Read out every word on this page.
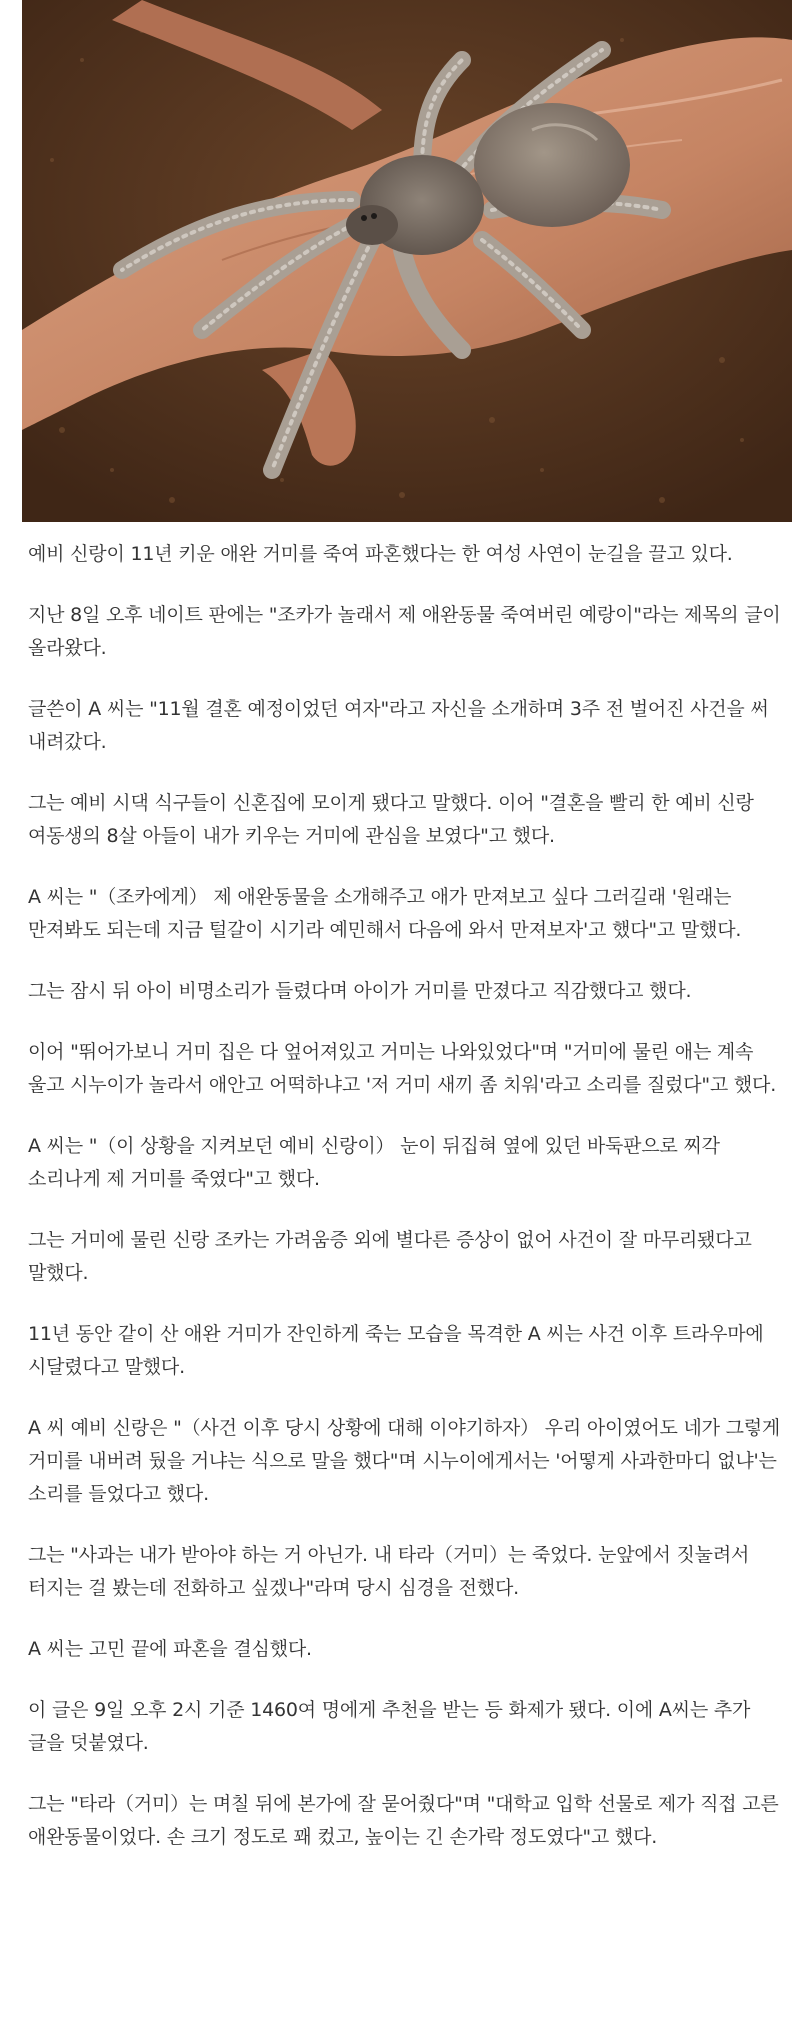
예비 신랑이 11년 키운 애완 거미를 죽여 파혼했다는 한 여성 사연이 눈길을 끌고 있다.

지난 8일 오후 네이트 판에는 "조카가 놀래서 제 애완동물 죽여버린 예랑이"라는 제목의 글이 올라왔다.

글쓴이 A 씨는 "11월 결혼 예정이었던 여자"라고 자신을 소개하며 3주 전 벌어진 사건을 써 내려갔다.

그는 예비 시댁 식구들이 신혼집에 모이게 됐다고 말했다. 이어 "결혼을 빨리 한 예비 신랑 여동생의 8살 아들이 내가 키우는 거미에 관심을 보였다"고 했다.

A 씨는 "（조카에게） 제 애완동물을 소개해주고 애가 만져보고 싶다 그러길래 '원래는 만져봐도 되는데 지금 털갈이 시기라 예민해서 다음에 와서 만져보자'고 했다"고 말했다.

그는 잠시 뒤 아이 비명소리가 들렸다며 아이가 거미를 만졌다고 직감했다고 했다.

이어 "뛰어가보니 거미 집은 다 엎어져있고 거미는 나와있었다"며 "거미에 물린 애는 계속 울고 시누이가 놀라서 애안고 어떡하냐고 '저 거미 새끼 좀 치워'라고 소리를 질렀다"고 했다.

A 씨는 "（이 상황을 지켜보던 예비 신랑이） 눈이 뒤집혀 옆에 있던 바둑판으로 찌각 소리나게 제 거미를 죽였다"고 했다.

그는 거미에 물린 신랑 조카는 가려움증 외에 별다른 증상이 없어 사건이 잘 마무리됐다고 말했다.

11년 동안 같이 산 애완 거미가 잔인하게 죽는 모습을 목격한 A 씨는 사건 이후 트라우마에 시달렸다고 말했다.

A 씨 예비 신랑은 "（사건 이후 당시 상황에 대해 이야기하자） 우리 아이였어도 네가 그렇게 거미를 내버려 뒀을 거냐는 식으로 말을 했다"며 시누이에게서는 '어떻게 사과한마디 없냐'는 소리를 들었다고 했다.

그는 "사과는 내가 받아야 하는 거 아닌가. 내 타라（거미）는 죽었다. 눈앞에서 짓눌려서 터지는 걸 봤는데 전화하고 싶겠나"라며 당시 심경을 전했다.

A 씨는 고민 끝에 파혼을 결심했다.

이 글은 9일 오후 2시 기준 1460여 명에게 추천을 받는 등 화제가 됐다. 이에 A씨는 추가 글을 덧붙였다.

그는 "타라（거미）는 며칠 뒤에 본가에 잘 묻어줬다"며 "대학교 입학 선물로 제가 직접 고른 애완동물이었다. 손 크기 정도로 꽤 컸고, 높이는 긴 손가락 정도였다"고 했다.
